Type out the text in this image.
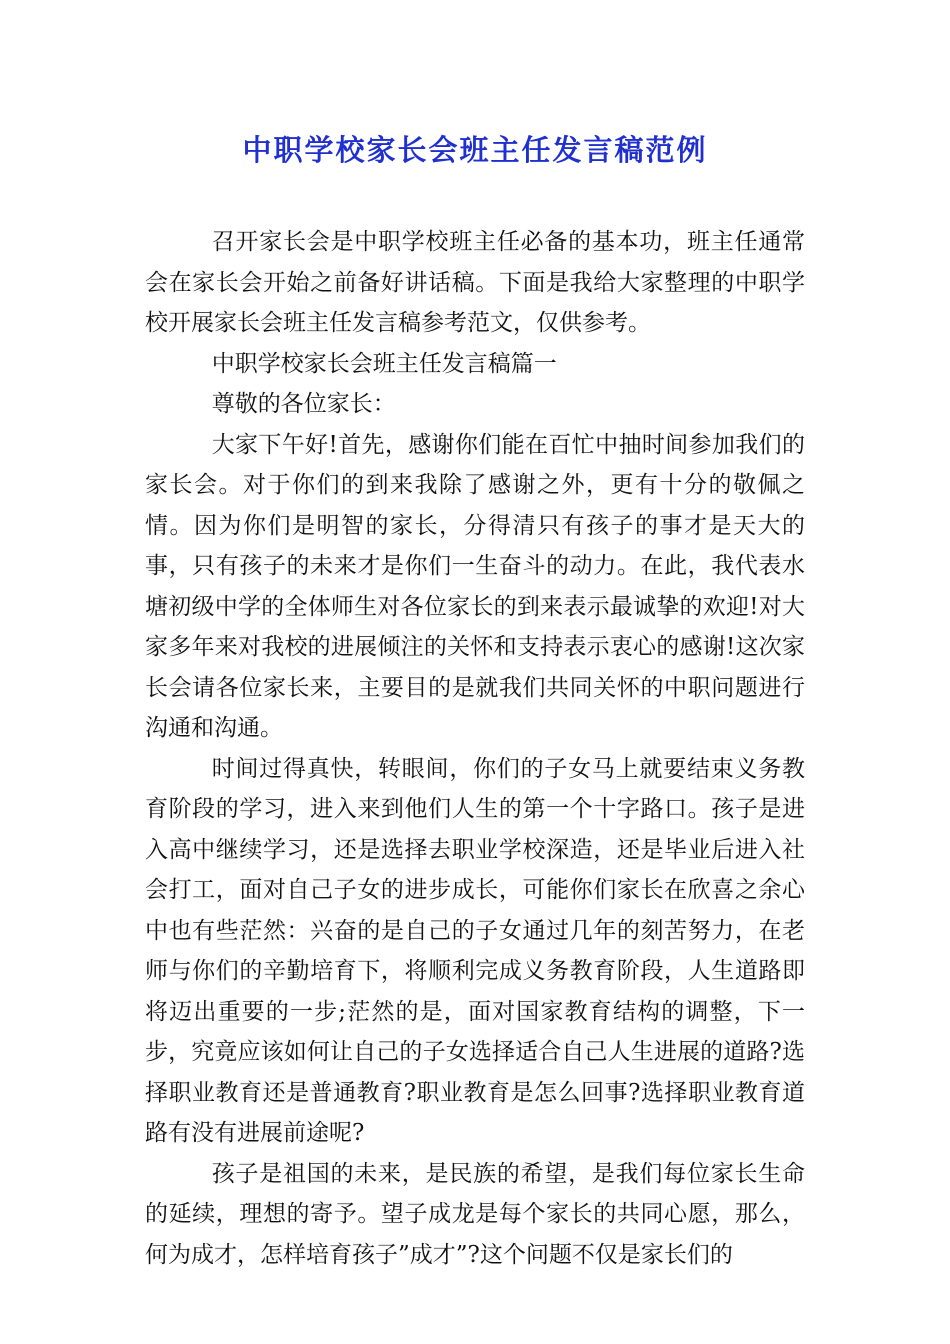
中职学校家长会班主任发言稿范例

召开家长会是中职学校班主任必备的基本功，班主任通常会在家长会开始之前备好讲话稿。下面是我给大家整理的中职学校开展家长会班主任发言稿参考范文，仅供参考。

中职学校家长会班主任发言稿篇一

尊敬的各位家长：

大家下午好!首先，感谢你们能在百忙中抽时间参加我们的家长会。对于你们的到来我除了感谢之外，更有十分的敬佩之情。因为你们是明智的家长，分得清只有孩子的事才是天大的事，只有孩子的未来才是你们一生奋斗的动力。在此，我代表水塘初级中学的全体师生对各位家长的到来表示最诚挚的欢迎!对大家多年来对我校的进展倾注的关怀和支持表示衷心的感谢!这次家长会请各位家长来，主要目的是就我们共同关怀的中职问题进行沟通和沟通。

时间过得真快，转眼间，你们的子女马上就要结束义务教育阶段的学习，进入来到他们人生的第一个十字路口。孩子是进入高中继续学习，还是选择去职业学校深造，还是毕业后进入社会打工，面对自己子女的进步成长，可能你们家长在欣喜之余心中也有些茫然：兴奋的是自己的子女通过几年的刻苦努力，在老师与你们的辛勤培育下，将顺利完成义务教育阶段，人生道路即将迈出重要的一步;茫然的是，面对国家教育结构的调整，下一步，究竟应该如何让自己的子女选择适合自己人生进展的道路?选择职业教育还是普通教育?职业教育是怎么回事?选择职业教育道路有没有进展前途呢?

孩子是祖国的未来，是民族的希望，是我们每位家长生命的延续，理想的寄予。望子成龙是每个家长的共同心愿，那么，何为成才，怎样培育孩子”成才”?这个问题不仅是家长们的
